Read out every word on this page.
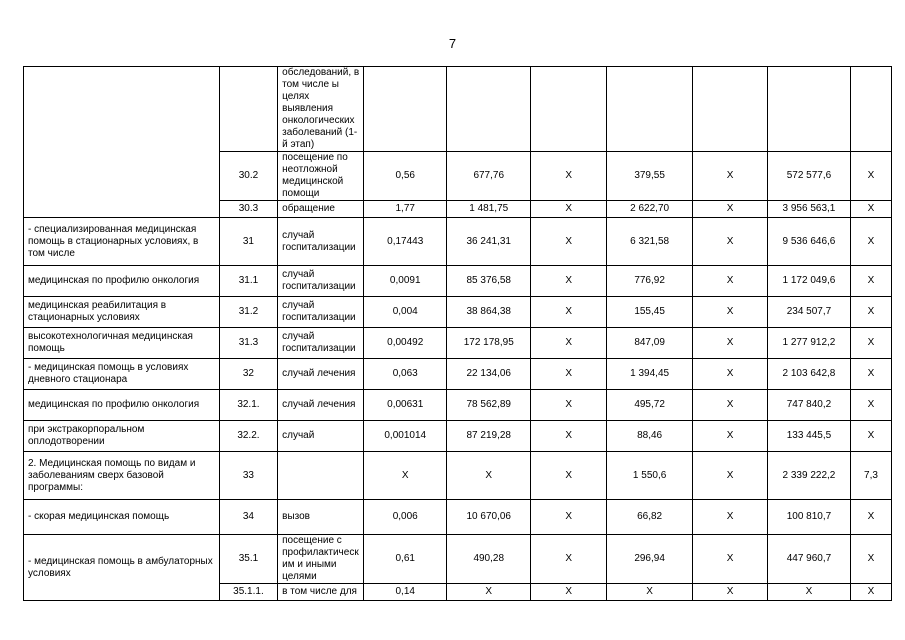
7
		обследований, в том числе ы целях выявления онкологических заболеваний (1-й этап)							
	30.2	посещение по неотложной медицинской помощи	0,56	677,76	X	379,55	X	572 577,6	X
	30.3	обращение	1,77	1 481,75	X	2 622,70	X	3 956 563,1	X
- специализированная медицинская помощь в стационарных условиях, в том числе	31	случай госпитализации	0,17443	36 241,31	X	6 321,58	X	9 536 646,6	X
медицинская по профилю онкология	31.1	случай госпитализации	0,0091	85 376,58	X	776,92	X	1 172 049,6	X
медицинская реабилитация в стационарных условиях	31.2	случай госпитализации	0,004	38 864,38	X	155,45	X	234 507,7	X
высокотехнологичная медицинская помощь	31.3	случай госпитализации	0,00492	172 178,95	X	847,09	X	1 277 912,2	X
- медицинская помощь в условиях дневного стационара	32	случай лечения	0,063	22 134,06	X	1 394,45	X	2 103 642,8	X
медицинская по профилю онкология	32.1.	случай лечения	0,00631	78 562,89	X	495,72	X	747 840,2	X
при экстракорпоральном оплодотворении	32.2.	случай	0,001014	87 219,28	X	88,46	X	133 445,5	X
2. Медицинская помощь по видам и заболеваниям сверх базовой программы:	33		X	X	X	1 550,6	X	2 339 222,2	7,3
- скорая медицинская помощь	34	вызов	0,006	10 670,06	X	66,82	X	100 810,7	X
- медицинская помощь в амбулаторных условиях	35.1	посещение с профилактическим и иными целями	0,61	490,28	X	296,94	X	447 960,7	X
	35.1.1.	в том числе для	0,14	X	X	X	X	X	X
